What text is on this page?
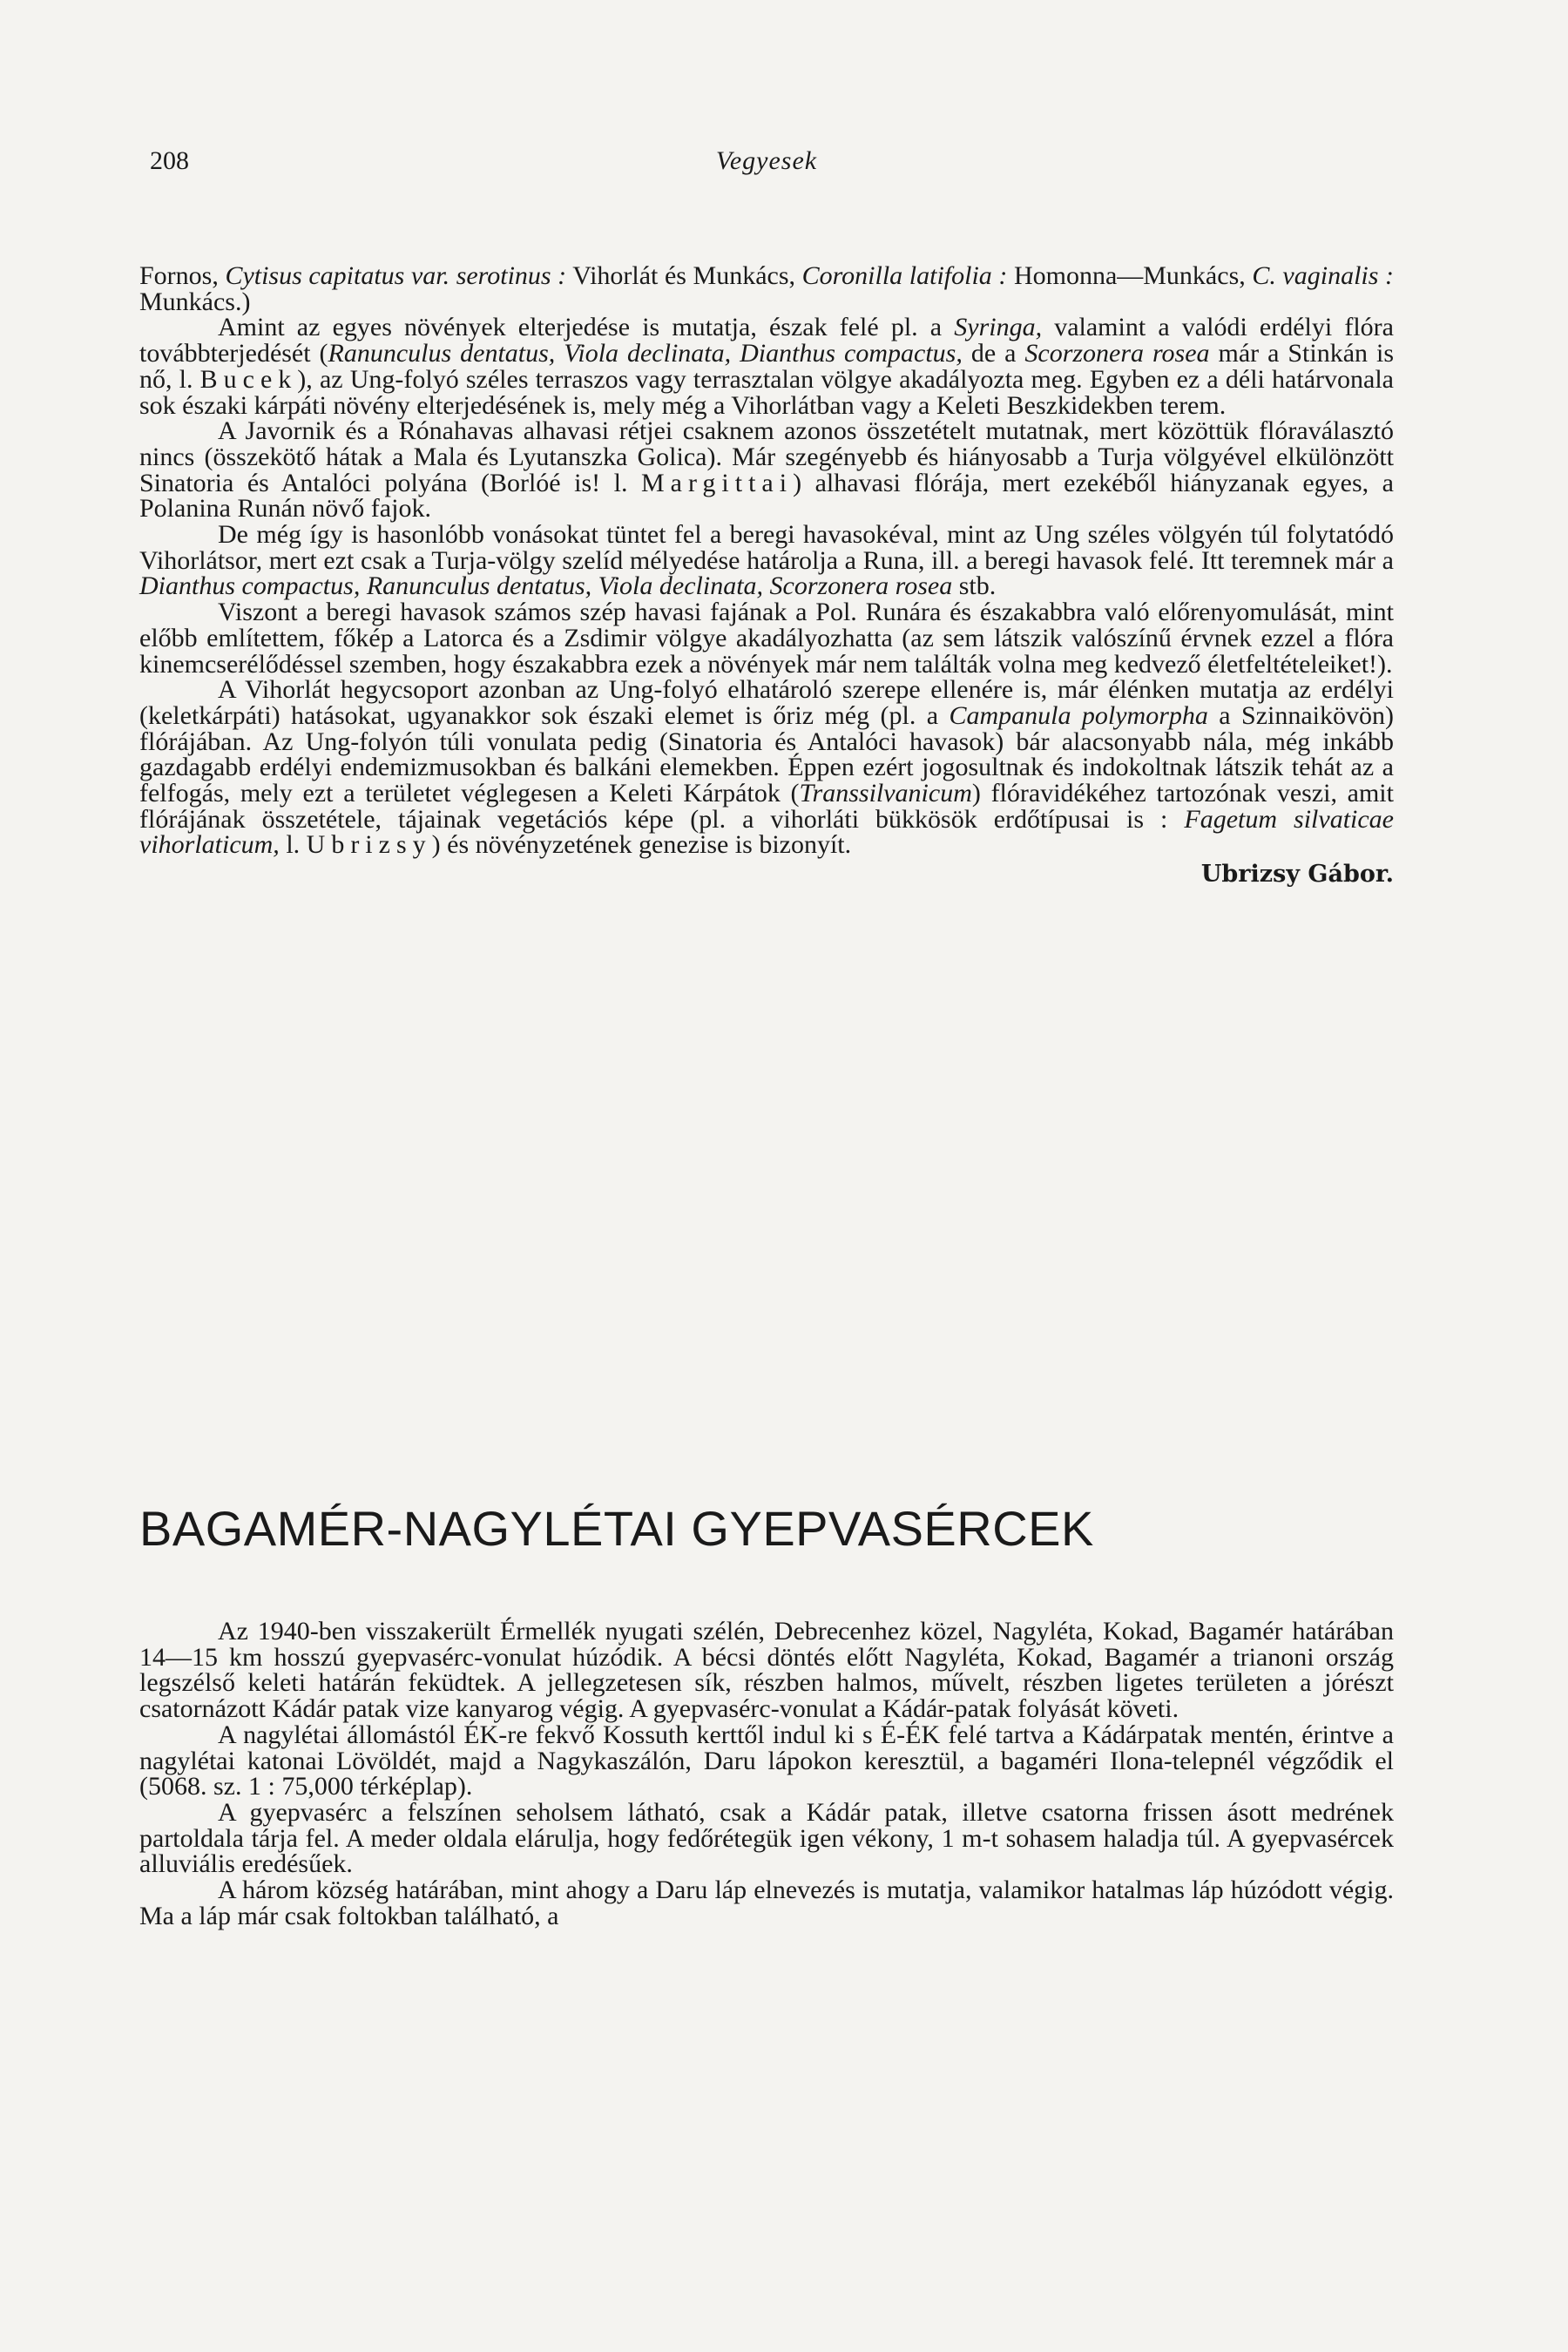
208	Vegyesek

Fornos, Cytisus capitatus var. serotinus : Vihorlát és Munkács, Coronilla latifolia : Homonna—Munkács, C. vaginalis : Munkács.)

Amint az egyes növények elterjedése is mutatja, észak felé pl. a Syringa, valamint a valódi erdélyi flóra továbbterjedését (Ranunculus dentatus, Viola declinata, Dianthus compactus, de a Scorzonera rosea már a Stinkán is nő, l. Bucek), az Ung-folyó széles terraszos vagy terrasztalan völgye akadályozta meg. Egyben ez a déli határvonala sok északi kárpáti növény elterjedésének is, mely még a Vihorlátban vagy a Keleti Beszkidekben terem.

A Javornik és a Rónahavas alhavasi rétjei csaknem azonos összetételt mutatnak, mert közöttük flóraválasztó nincs (összekötő hátak a Mala és Lyutanszka Golica). Már szegényebb és hiányosabb a Turja völgyével elkülönzött Sinatoria és Antalóci polyána (Borlóé is! l. Margittai) alhavasi flórája, mert ezekéből hiányzanak egyes, a Polanina Runán növő fajok.

De még így is hasonlóbb vonásokat tüntet fel a beregi havasokéval, mint az Ung széles völgyén túl folytatódó Vihorlátsor, mert ezt csak a Turja-völgy szelíd mélyedése határolja a Runa, ill. a beregi havasok felé. Itt teremnek már a Dianthus compactus, Ranunculus dentatus, Viola declinata, Scorzonera rosea stb.

Viszont a beregi havasok számos szép havasi fajának a Pol. Runára és északabbra való előrenyomulását, mint előbb említettem, főkép a Latorca és a Zsdimir völgye akadályozhatta (az sem látszik valószínű érvnek ezzel a flóra kinemcserélődéssel szemben, hogy északabbra ezek a növények már nem találták volna meg kedvező életfeltételeiket!).

A Vihorlát hegycsoport azonban az Ung-folyó elhatároló szerepe ellenére is, már élénken mutatja az erdélyi (keletkárpáti) hatásokat, ugyanakkor sok északi elemet is őriz még (pl. a Campanula polymorpha a Szinnaikövön) flórájában. Az Ung-folyón túli vonulata pedig (Sinatoria és Antalóci havasok) bár alacsonyabb nála, még inkább gazdagabb erdélyi endemizmusokban és balkáni elemekben. Éppen ezért jogosultnak és indokoltnak látszik tehát az a felfogás, mely ezt a területet véglegesen a Keleti Kárpátok (Transsilvanicum) flóravidékéhez tartozónak veszi, amit flórájának összetétele, tájainak vegetációs képe (pl. a vihorláti bükkösök erdőtípusai is : Fagetum silvaticae vihorlaticum, l. Ubrizsy) és növényzetének genezise is bizonyít.

Ubrizsy Gábor.

BAGAMÉR-NAGYLÉTAI GYEPVASÉRCEK

Az 1940-ben visszakerült Érmellék nyugati szélén, Debrecenhez közel, Nagyléta, Kokad, Bagamér határában 14—15 km hosszú gyepvasérc-vonulat húzódik. A bécsi döntés előtt Nagyléta, Kokad, Bagamér a trianoni ország legszélső keleti határán feküdtek. A jellegzetesen sík, részben halmos, művelt, részben ligetes területen a jórészt csatornázott Kádár patak vize kanyarog végig. A gyepvasérc-vonulat a Kádár-patak folyását követi.

A nagylétai állomástól ÉK-re fekvő Kossuth kerttől indul ki s É-ÉK felé tartva a Kádárpatak mentén, érintve a nagylétai katonai Lövöldét, majd a Nagykaszálón, Daru lápokon keresztül, a bagaméri Ilona-telepnél végződik el (5068. sz. 1 : 75,000 térképlap).

A gyepvasérc a felszínen seholsem látható, csak a Kádár patak, illetve csatorna frissen ásott medrének partoldala tárja fel. A meder oldala elárulja, hogy fedőrétegük igen vékony, 1 m-t sohasem haladja túl. A gyepvasércek alluviális eredésűek.

A három község határában, mint ahogy a Daru láp elnevezés is mutatja, valamikor hatalmas láp húzódott végig. Ma a láp már csak foltokban található, a
